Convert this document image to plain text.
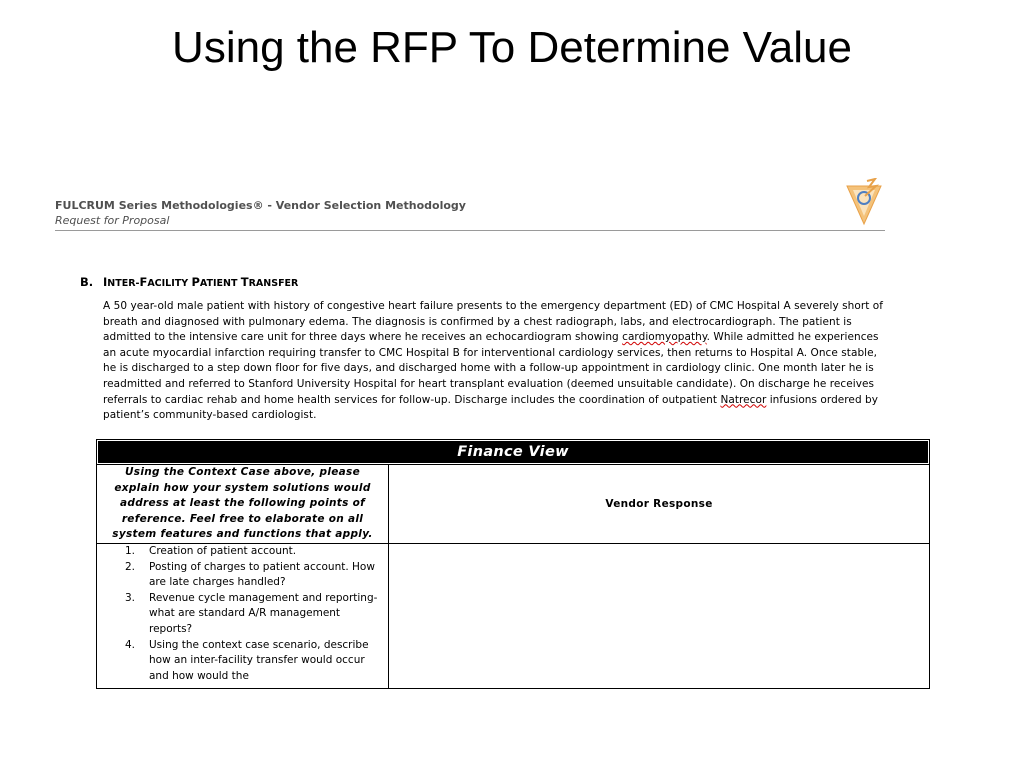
Using the RFP To Determine Value
FULCRUM Series Methodologies® - Vendor Selection Methodology
Request for Proposal
B. INTER-FACILITY PATIENT TRANSFER

A 50 year-old male patient with history of congestive heart failure presents to the emergency department (ED) of CMC Hospital A severely short of breath and diagnosed with pulmonary edema. The diagnosis is confirmed by a chest radiograph, labs, and electrocardiograph. The patient is admitted to the intensive care unit for three days where he receives an echocardiogram showing cardiomyopathy. While admitted he experiences an acute myocardial infarction requiring transfer to CMC Hospital B for interventional cardiology services, then returns to Hospital A. Once stable, he is discharged to a step down floor for five days, and discharged home with a follow-up appointment in cardiology clinic. One month later he is readmitted and referred to Stanford University Hospital for heart transplant evaluation (deemed unsuitable candidate). On discharge he receives referrals to cardiac rehab and home health services for follow-up. Discharge includes the coordination of outpatient Natrecor infusions ordered by patient’s community-based cardiologist.

Finance View

Using the Context Case above, please explain how your system solutions would address at least the following points of reference. Feel free to elaborate on all system features and functions that apply.

Vendor Response
1. Creation of patient account.
2. Posting of charges to patient account. How are late charges handled?
3. Revenue cycle management and reporting- what are standard A/R management reports?
4. Using the context case scenario, describe how an inter-facility transfer would occur and how would the
